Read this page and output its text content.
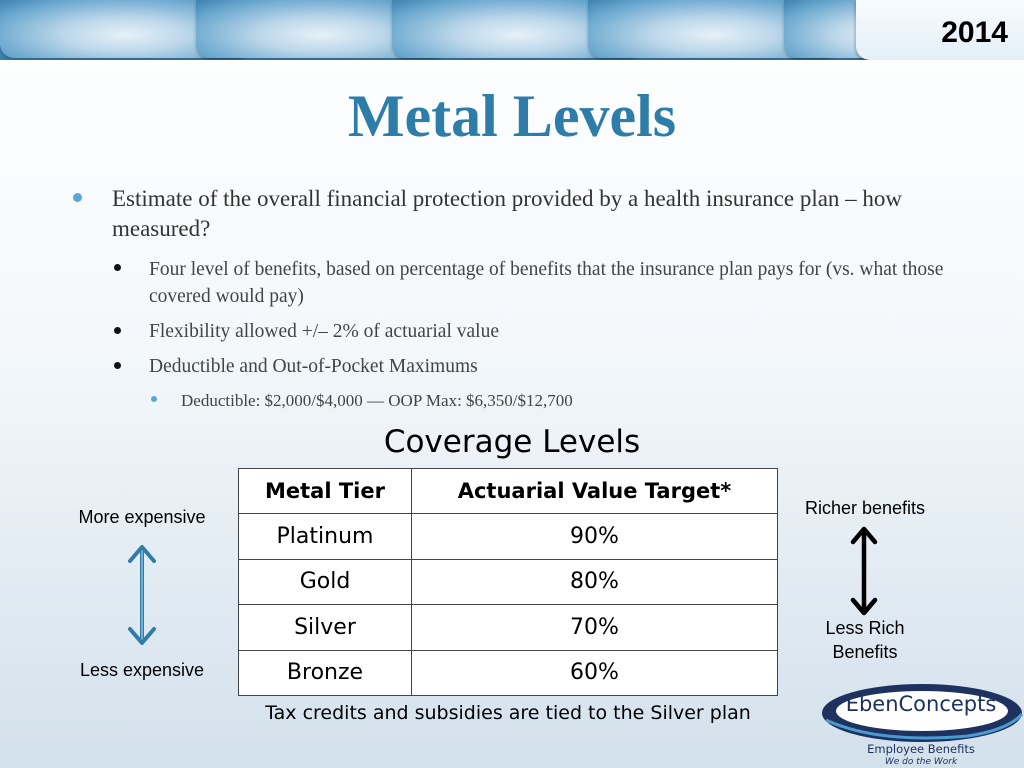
2014
Metal Levels
Estimate of the overall financial protection provided by a health insurance plan – how measured?
Four level of benefits, based on percentage of benefits that the insurance plan pays for (vs. what those covered would pay)
Flexibility allowed +/– 2% of actuarial value
Deductible and Out-of-Pocket Maximums
Deductible: $2,000/$4,000 — OOP Max: $6,350/$12,700
Coverage Levels
Metal Tier	Actuarial Value Target*
Platinum	90%
Gold	80%
Silver	70%
Bronze	60%
Tax credits and subsidies are tied to the Silver plan
More expensive
Less expensive
Richer benefits
Less Rich
Benefits
EbenConcepts
Employee Benefits
We do the Work
